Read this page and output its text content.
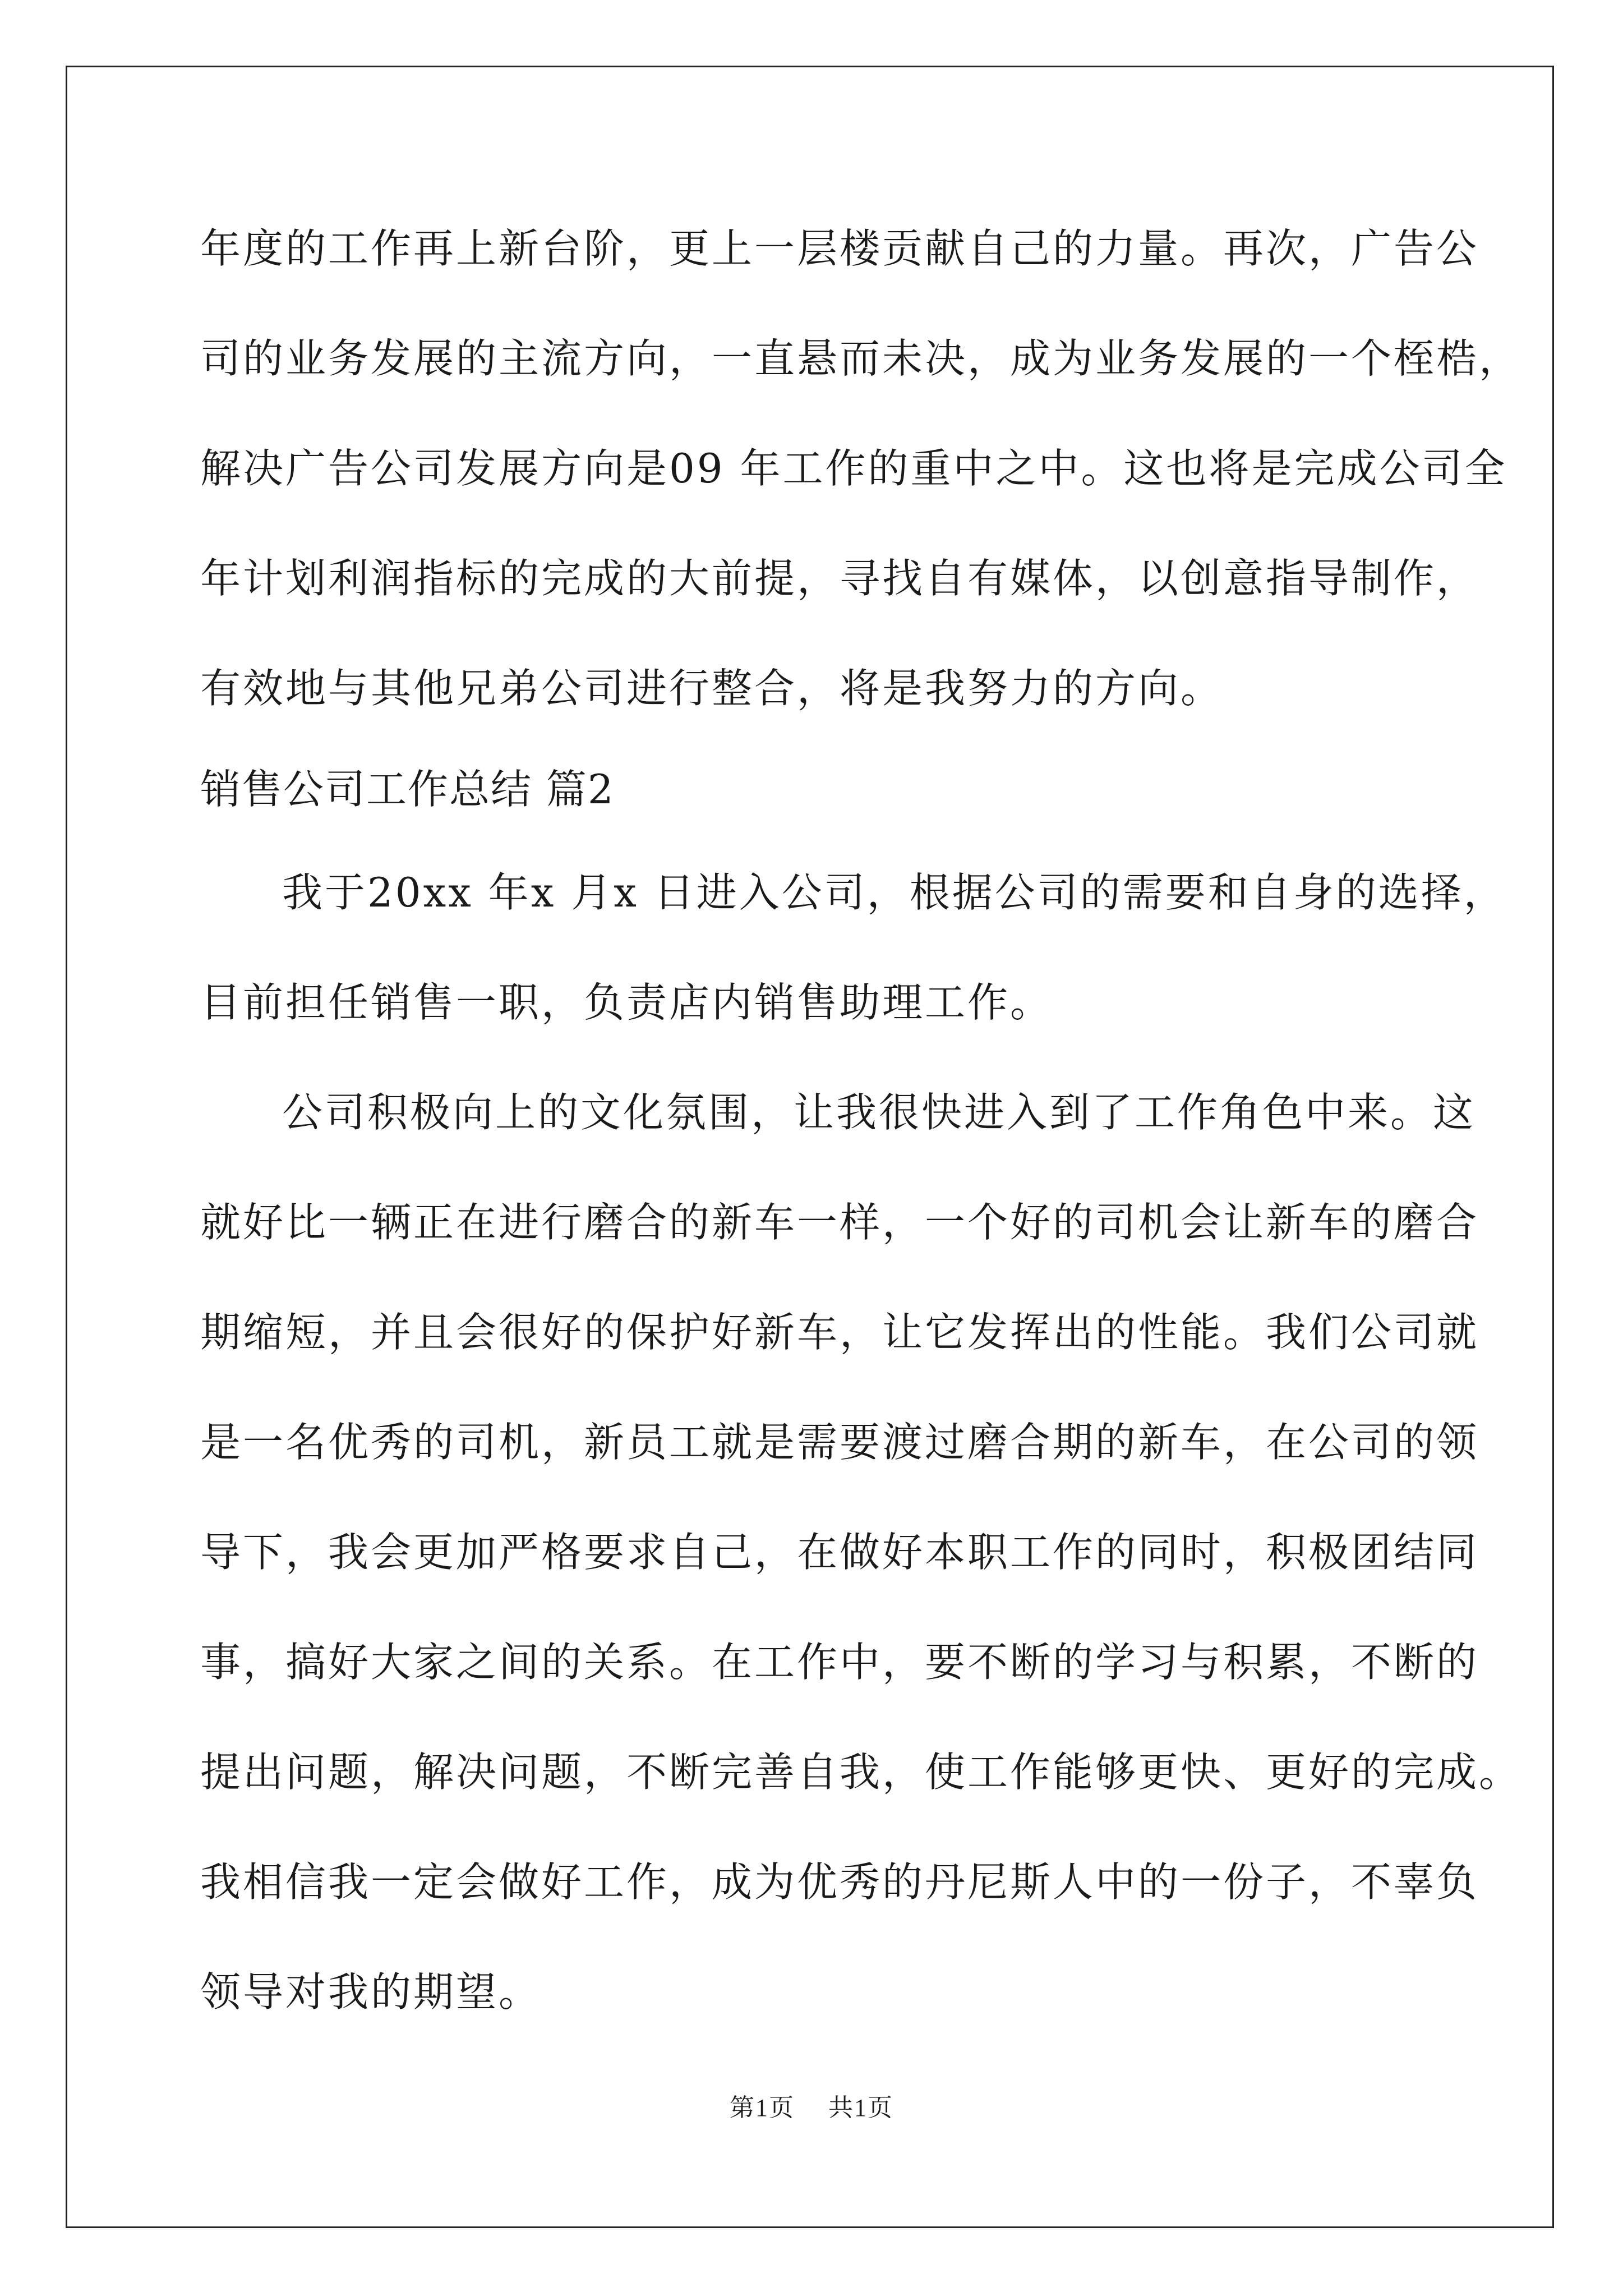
年度的工作再上新台阶，更上一层楼贡献自己的力量。再次，广告公
司的业务发展的主流方向，一直悬而未决，成为业务发展的一个桎梏，
解决广告公司发展方向是09 年工作的重中之中。这也将是完成公司全
年计划利润指标的完成的大前提，寻找自有媒体，以创意指导制作，
有效地与其他兄弟公司进行整合，将是我努力的方向。
销售公司工作总结 篇2
我于20xx 年x 月x 日进入公司，根据公司的需要和自身的选择，
目前担任销售一职，负责店内销售助理工作。
公司积极向上的文化氛围，让我很快进入到了工作角色中来。这
就好比一辆正在进行磨合的新车一样，一个好的司机会让新车的磨合
期缩短，并且会很好的保护好新车，让它发挥出的性能。我们公司就
是一名优秀的司机，新员工就是需要渡过磨合期的新车，在公司的领
导下，我会更加严格要求自己，在做好本职工作的同时，积极团结同
事，搞好大家之间的关系。在工作中，要不断的学习与积累，不断的
提出问题，解决问题，不断完善自我，使工作能够更快、更好的完成。
我相信我一定会做好工作，成为优秀的丹尼斯人中的一份子，不辜负
领导对我的期望。
第1页 共1页
